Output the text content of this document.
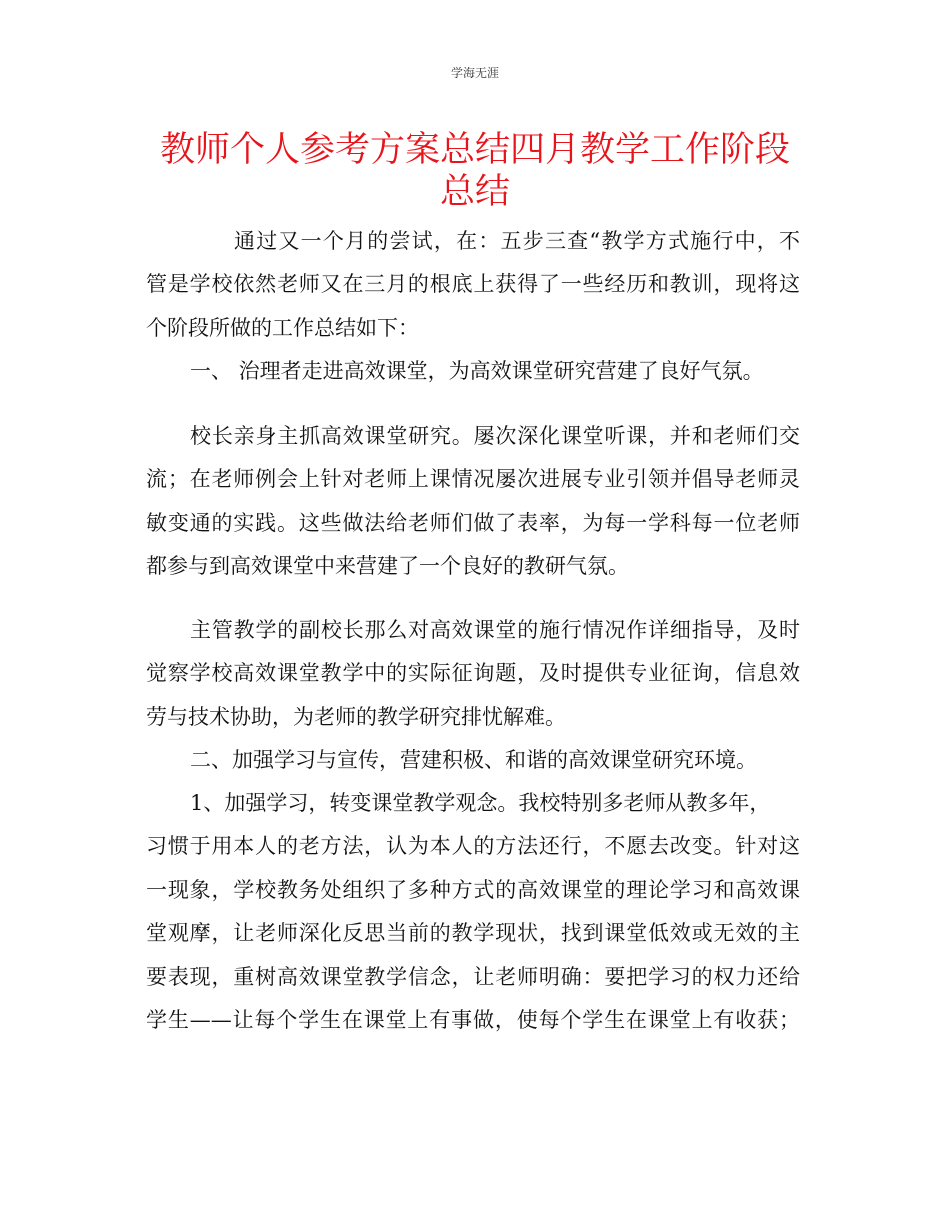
学海无涯
教师个人参考方案总结四月教学工作阶段
总结
通过又一个月的尝试，在：五步三查“教学方式施行中，不
管是学校依然老师又在三月的根底上获得了一些经历和教训，现将这
个阶段所做的工作总结如下：
一、 治理者走进高效课堂，为高效课堂研究营建了良好气氛。
校长亲身主抓高效课堂研究。屡次深化课堂听课，并和老师们交
流；在老师例会上针对老师上课情况屡次进展专业引领并倡导老师灵
敏变通的实践。这些做法给老师们做了表率，为每一学科每一位老师
都参与到高效课堂中来营建了一个良好的教研气氛。
主管教学的副校长那么对高效课堂的施行情况作详细指导，及时
觉察学校高效课堂教学中的实际征询题，及时提供专业征询，信息效
劳与技术协助，为老师的教学研究排忧解难。
二、加强学习与宣传，营建积极、和谐的高效课堂研究环境。
1、加强学习，转变课堂教学观念。我校特别多老师从教多年，
习惯于用本人的老方法，认为本人的方法还行，不愿去改变。针对这
一现象，学校教务处组织了多种方式的高效课堂的理论学习和高效课
堂观摩，让老师深化反思当前的教学现状，找到课堂低效或无效的主
要表现，重树高效课堂教学信念，让老师明确：要把学习的权力还给
学生——让每个学生在课堂上有事做，使每个学生在课堂上有收获；
